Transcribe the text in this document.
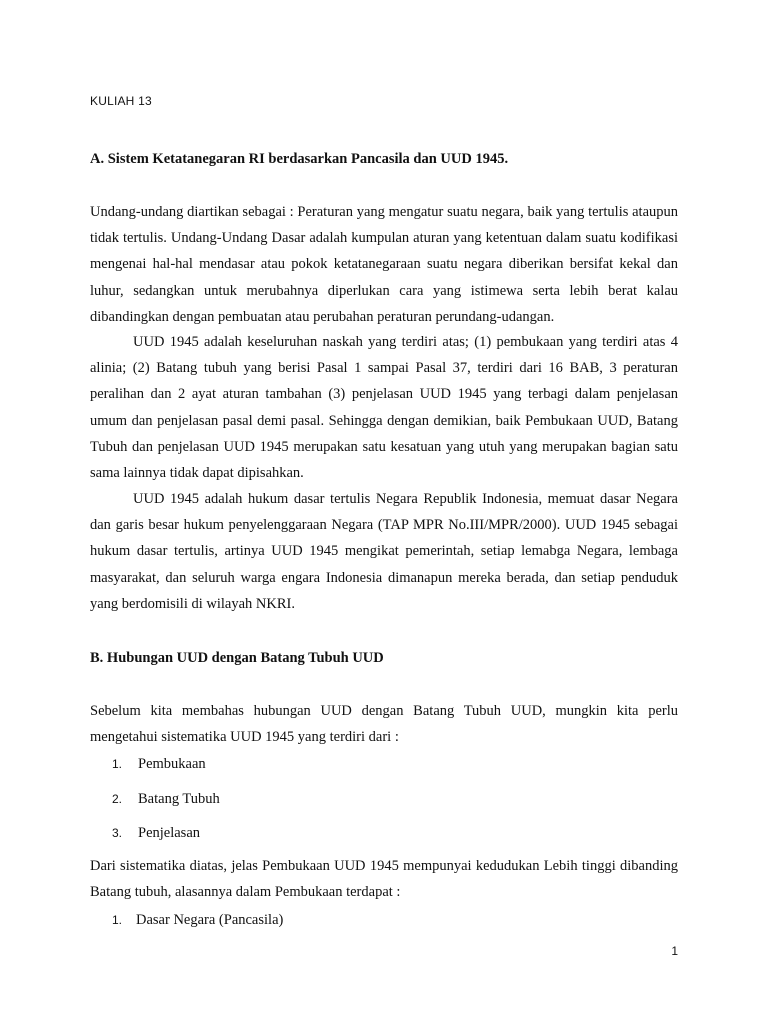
KULIAH 13
A. Sistem Ketatanegaran RI berdasarkan Pancasila dan UUD 1945.
Undang-undang diartikan sebagai : Peraturan yang mengatur suatu negara, baik yang tertulis ataupun tidak tertulis. Undang-Undang Dasar adalah kumpulan aturan yang ketentuan dalam suatu kodifikasi mengenai hal-hal mendasar atau pokok ketatanegaraan suatu negara diberikan bersifat kekal dan luhur, sedangkan untuk merubahnya diperlukan cara yang istimewa serta lebih berat kalau dibandingkan dengan pembuatan atau perubahan peraturan perundang-udangan.
UUD 1945 adalah keseluruhan naskah yang terdiri atas; (1) pembukaan yang terdiri atas 4 alinia; (2) Batang tubuh yang berisi Pasal 1 sampai Pasal 37, terdiri dari 16 BAB, 3 peraturan peralihan dan 2 ayat aturan tambahan (3) penjelasan UUD 1945 yang terbagi dalam penjelasan umum dan penjelasan pasal demi pasal. Sehingga dengan demikian, baik Pembukaan UUD, Batang Tubuh dan penjelasan UUD 1945 merupakan satu kesatuan yang utuh yang merupakan bagian satu sama lainnya tidak dapat dipisahkan.
UUD 1945 adalah hukum dasar tertulis Negara Republik Indonesia, memuat dasar Negara dan garis besar hukum penyelenggaraan Negara (TAP MPR No.III/MPR/2000). UUD 1945 sebagai hukum dasar tertulis, artinya UUD 1945 mengikat pemerintah, setiap lemabga Negara, lembaga masyarakat, dan seluruh warga engara Indonesia dimanapun mereka berada, dan setiap penduduk yang berdomisili di wilayah NKRI.
B. Hubungan UUD dengan Batang Tubuh UUD
Sebelum kita membahas hubungan UUD dengan Batang Tubuh UUD, mungkin kita perlu mengetahui sistematika UUD 1945 yang terdiri dari :
1. Pembukaan
2. Batang Tubuh
3. Penjelasan
Dari sistematika diatas, jelas Pembukaan UUD 1945 mempunyai kedudukan Lebih tinggi dibanding Batang tubuh, alasannya dalam Pembukaan terdapat :
1. Dasar Negara (Pancasila)
1
